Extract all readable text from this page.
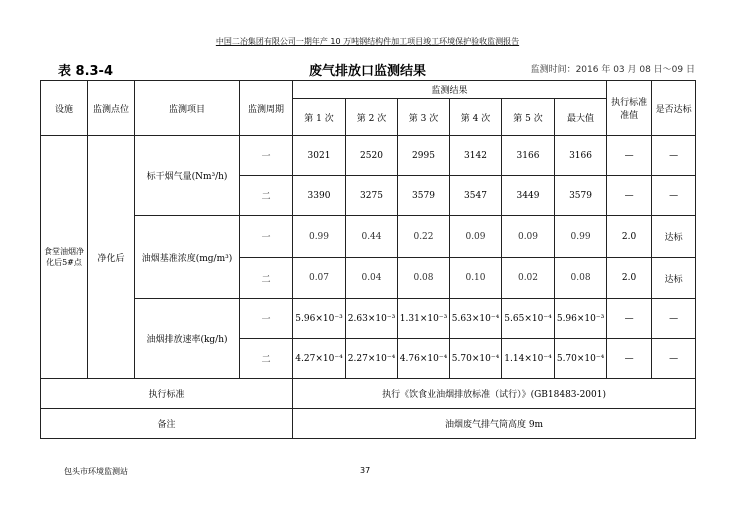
中国二冶集团有限公司一期年产 10 万吨钢结构件加工项目竣工环境保护验收监测报告
废气排放口监测结果
表 8.3-4	监测时间：2016 年 03 月 08 日～09 日
设施	监测点位	监测项目	监测周期	监测结果						执行标准准值	是否达标
				第 1 次	第 2 次	第 3 次	第 4 次	第 5 次	最大值		
食堂油烟净化后5#点	净化后	标干烟气量(Nm³/h)	一	3021	2520	2995	3142	3166	3166	—	—
			二	3390	3275	3579	3547	3449	3579	—	—
		油烟基准浓度(mg/m³)	一	0.99	0.44	0.22	0.09	0.09	0.99	2.0	达标
			二	0.07	0.04	0.08	0.10	0.02	0.08	2.0	达标
		油烟排放速率(kg/h)	一	5.96×10⁻³	2.63×10⁻³	1.31×10⁻³	5.63×10⁻⁴	5.65×10⁻⁴	5.96×10⁻³	—	—
			二	4.27×10⁻⁴	2.27×10⁻⁴	4.76×10⁻⁴	5.70×10⁻⁴	1.14×10⁻⁴	5.70×10⁻⁴	—	—
执行标准				执行《饮食业油烟排放标准（试行）》(GB18483-2001)							
备注				油烟废气排气筒高度 9m							
包头市环境监测站	37
